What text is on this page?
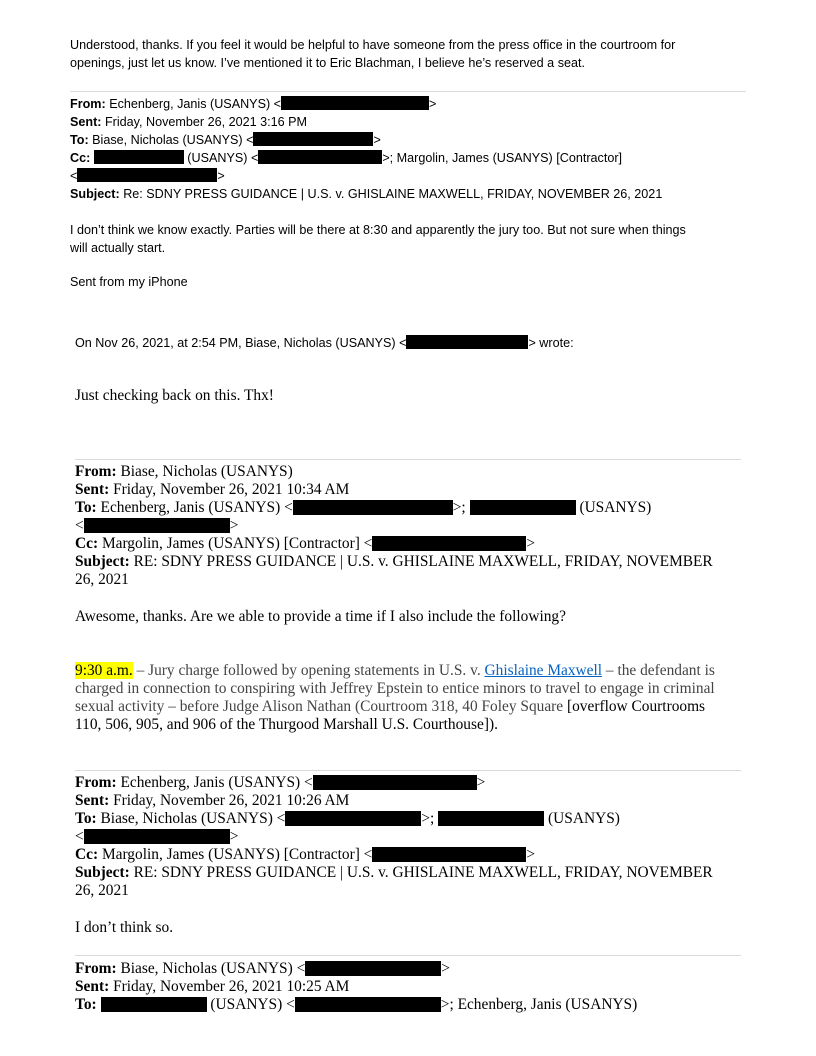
Understood, thanks. If you feel it would be helpful to have someone from the press office in the courtroom for
openings, just let us know. I’ve mentioned it to Eric Blachman, I believe he’s reserved a seat.
From: Echenberg, Janis (USANYS) <	>
Sent: Friday, November 26, 2021 3:16 PM
To: Biase, Nicholas (USANYS) <	>
Cc:	(USANYS) <	>; Margolin, James (USANYS) [Contractor]
<	>
Subject: Re: SDNY PRESS GUIDANCE | U.S. v. GHISLAINE MAXWELL, FRIDAY, NOVEMBER 26, 2021
I don’t think we know exactly. Parties will be there at 8:30 and apparently the jury too. But not sure when things
will actually start.
Sent from my iPhone
On Nov 26, 2021, at 2:54 PM, Biase, Nicholas (USANYS) <	> wrote:
Just checking back on this. Thx!
From: Biase, Nicholas (USANYS)
Sent: Friday, November 26, 2021 10:34 AM
To: Echenberg, Janis (USANYS) <	>;	(USANYS)
<	>
Cc: Margolin, James (USANYS) [Contractor] <	>
Subject: RE: SDNY PRESS GUIDANCE | U.S. v. GHISLAINE MAXWELL, FRIDAY, NOVEMBER
26, 2021
Awesome, thanks. Are we able to provide a time if I also include the following?
9:30 a.m. – Jury charge followed by opening statements in U.S. v. Ghislaine Maxwell – the defendant is
charged in connection to conspiring with Jeffrey Epstein to entice minors to travel to engage in criminal
sexual activity – before Judge Alison Nathan (Courtroom 318, 40 Foley Square [overflow Courtrooms
110, 506, 905, and 906 of the Thurgood Marshall U.S. Courthouse]).
From: Echenberg, Janis (USANYS) <	>
Sent: Friday, November 26, 2021 10:26 AM
To: Biase, Nicholas (USANYS) <	>;	(USANYS)
<	>
Cc: Margolin, James (USANYS) [Contractor] <	>
Subject: RE: SDNY PRESS GUIDANCE | U.S. v. GHISLAINE MAXWELL, FRIDAY, NOVEMBER
26, 2021
I don’t think so.
From: Biase, Nicholas (USANYS) <	>
Sent: Friday, November 26, 2021 10:25 AM
To:	(USANYS) <	>; Echenberg, Janis (USANYS)
